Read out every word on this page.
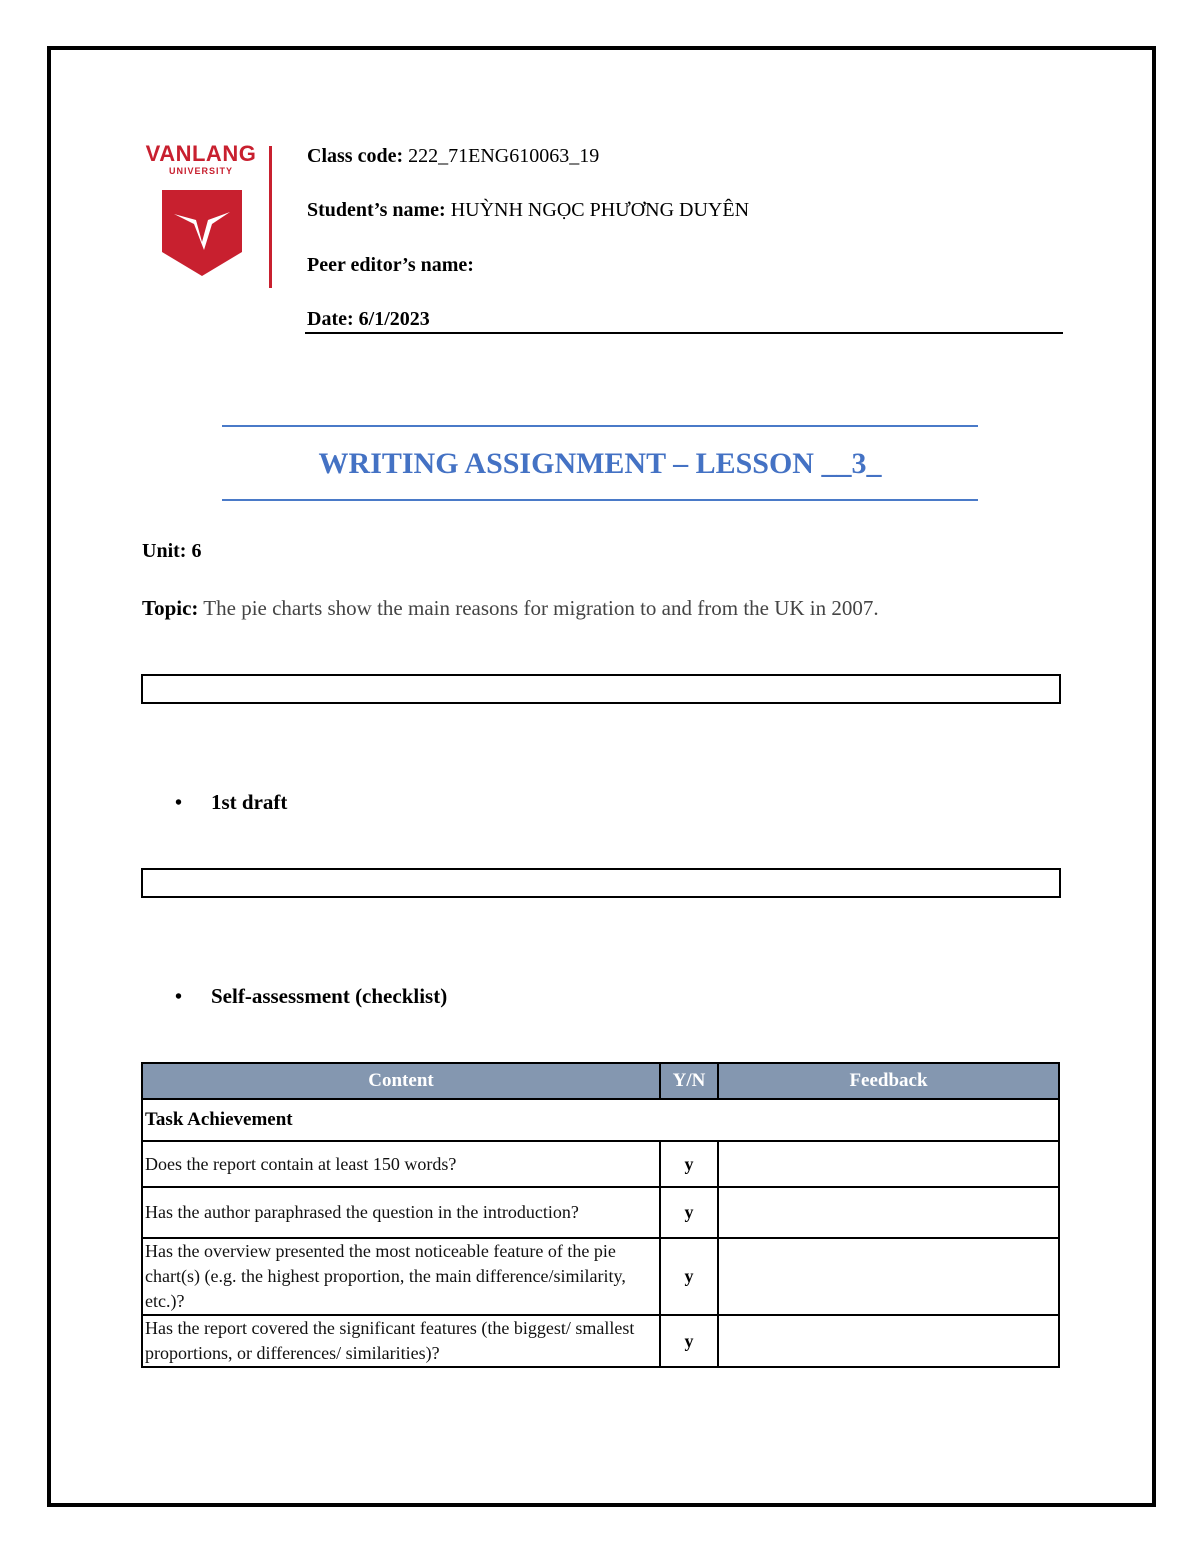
VANLANG
UNIVERSITY
Class code: 222_71ENG610063_19
Student’s name: HUỲNH NGỌC PHƯƠNG DUYÊN
Peer editor’s name:
Date: 6/1/2023
WRITING ASSIGNMENT – LESSON __3_
Unit: 6
Topic: The pie charts show the main reasons for migration to and from the UK in 2007.
• 1st draft
• Self-assessment (checklist)
Content	Y/N	Feedback
Task Achievement		
Does the report contain at least 150 words?	y	
Has the author paraphrased the question in the introduction?	y	
Has the overview presented the most noticeable feature of the pie chart(s) (e.g. the highest proportion, the main difference/similarity, etc.)?	y	
Has the report covered the significant features (the biggest/ smallest proportions, or differences/ similarities)?	y	
